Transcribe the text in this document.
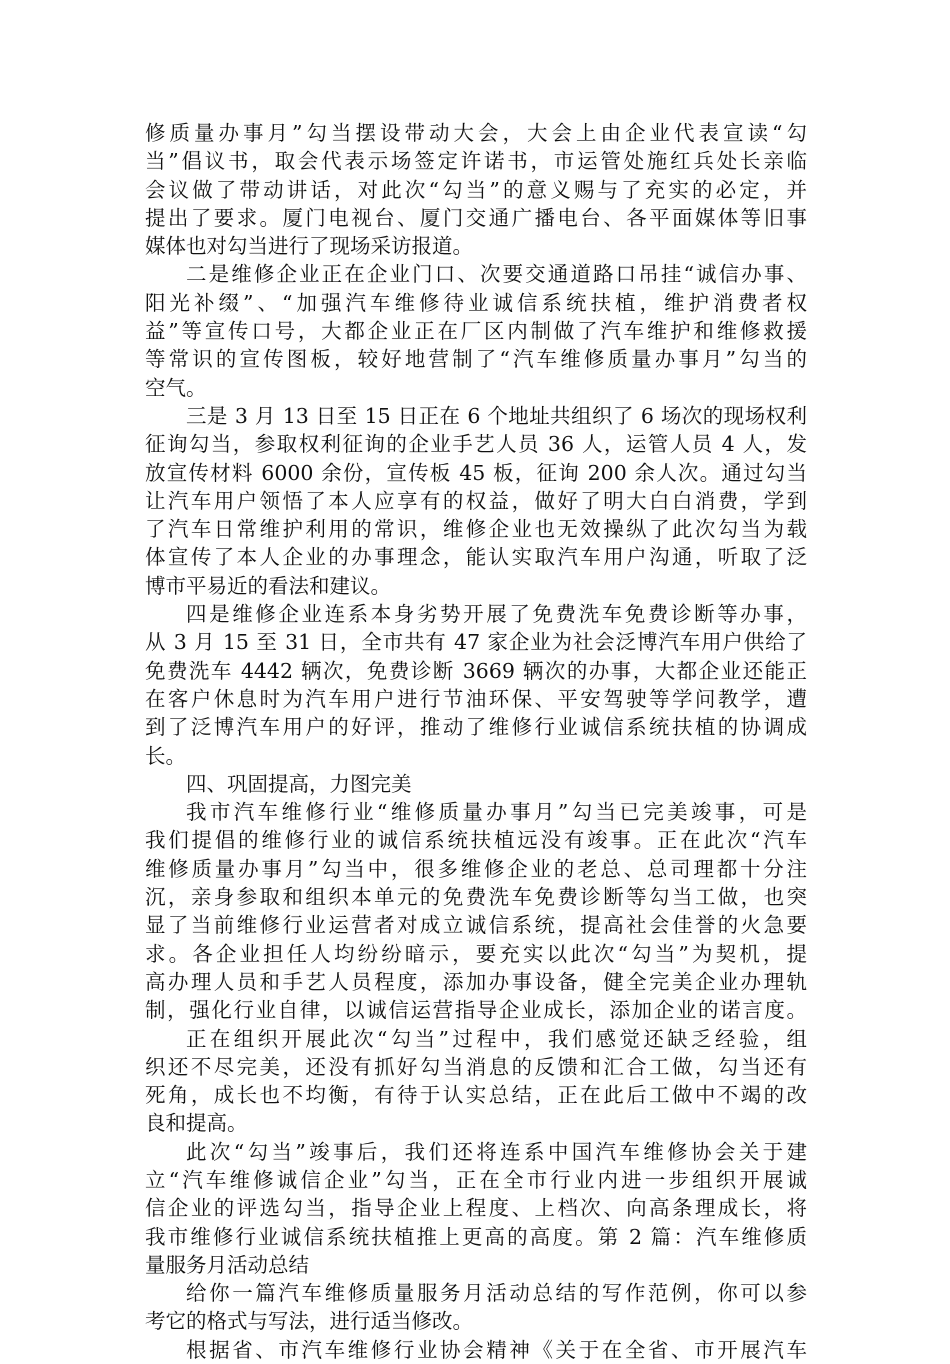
修质量办事月”勾当摆设带动大会，大会上由企业代表宣读“勾
当”倡议书，取会代表示场签定许诺书，市运管处施红兵处长亲临
会议做了带动讲话，对此次“勾当”的意义赐与了充实的必定，并
提出了要求。厦门电视台、厦门交通广播电台、各平面媒体等旧事
媒体也对勾当进行了现场采访报道。
二是维修企业正在企业门口、次要交通道路口吊挂“诚信办事、
阳光补缀”、“加强汽车维修待业诚信系统扶植，维护消费者权
益”等宣传口号，大都企业正在厂区内制做了汽车维护和维修救援
等常识的宣传图板，较好地营制了“汽车维修质量办事月”勾当的
空气。
三是 3 月 13 日至 15 日正在 6 个地址共组织了 6 场次的现场权利
征询勾当，参取权利征询的企业手艺人员 36 人，运管人员 4 人，发
放宣传材料 6000 余份，宣传板 45 板，征询 200 余人次。通过勾当
让汽车用户领悟了本人应享有的权益，做好了明大白白消费，学到
了汽车日常维护利用的常识，维修企业也无效操纵了此次勾当为载
体宣传了本人企业的办事理念，能认实取汽车用户沟通，听取了泛
博市平易近的看法和建议。
四是维修企业连系本身劣势开展了免费洗车免费诊断等办事，
从 3 月 15 至 31 日，全市共有 47 家企业为社会泛博汽车用户供给了
免费洗车 4442 辆次，免费诊断 3669 辆次的办事，大都企业还能正
在客户休息时为汽车用户进行节油环保、平安驾驶等学问教学，遭
到了泛博汽车用户的好评，推动了维修行业诚信系统扶植的协调成
长。
四、巩固提高，力图完美
我市汽车维修行业“维修质量办事月”勾当已完美竣事，可是
我们提倡的维修行业的诚信系统扶植远没有竣事。正在此次“汽车
维修质量办事月”勾当中，很多维修企业的老总、总司理都十分注
沉，亲身参取和组织本单元的免费洗车免费诊断等勾当工做，也突
显了当前维修行业运营者对成立诚信系统，提高社会佳誉的火急要
求。各企业担任人均纷纷暗示，要充实以此次“勾当”为契机，提
高办理人员和手艺人员程度，添加办事设备，健全完美企业办理轨
制，强化行业自律，以诚信运营指导企业成长，添加企业的诺言度。
正在组织开展此次“勾当”过程中，我们感觉还缺乏经验，组
织还不尽完美，还没有抓好勾当消息的反馈和汇合工做，勾当还有
死角，成长也不均衡，有待于认实总结，正在此后工做中不竭的改
良和提高。
此次“勾当”竣事后，我们还将连系中国汽车维修协会关于建
立“汽车维修诚信企业”勾当，正在全市行业内进一步组织开展诚
信企业的评选勾当，指导企业上程度、上档次、向高条理成长，将
我市维修行业诚信系统扶植推上更高的高度。第 2 篇：汽车维修质
量服务月活动总结
给你一篇汽车维修质量服务月活动总结的写作范例，你可以参
考它的格式与写法，进行适当修改。
根据省、市汽车维修行业协会精神《关于在全省、市开展汽车
